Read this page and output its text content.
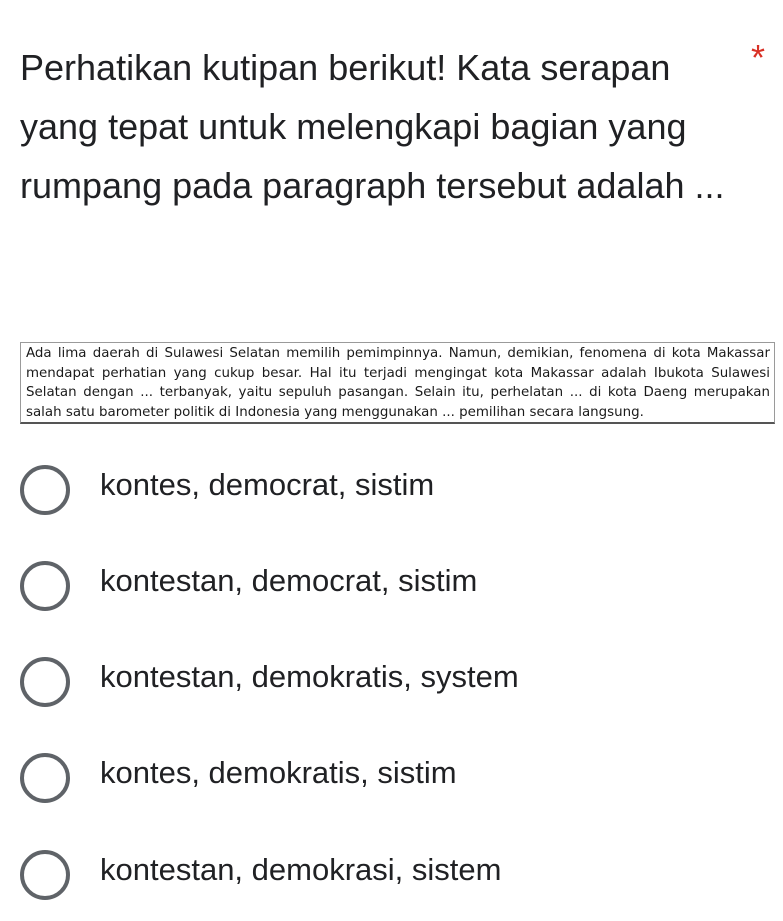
Perhatikan kutipan berikut! Kata serapan yang tepat untuk melengkapi bagian yang rumpang pada paragraph tersebut adalah ...
*
Ada lima daerah di Sulawesi Selatan memilih pemimpinnya. Namun, demikian, fenomena di kota Makassar mendapat perhatian yang cukup besar. Hal itu terjadi mengingat kota Makassar adalah Ibukota Sulawesi Selatan dengan ... terbanyak, yaitu sepuluh pasangan. Selain itu, perhelatan ... di kota Daeng merupakan salah satu barometer politik di Indonesia yang menggunakan ... pemilihan secara langsung.
kontes, democrat, sistim
kontestan, democrat, sistim
kontestan, demokratis, system
kontes, demokratis, sistim
kontestan, demokrasi, sistem
